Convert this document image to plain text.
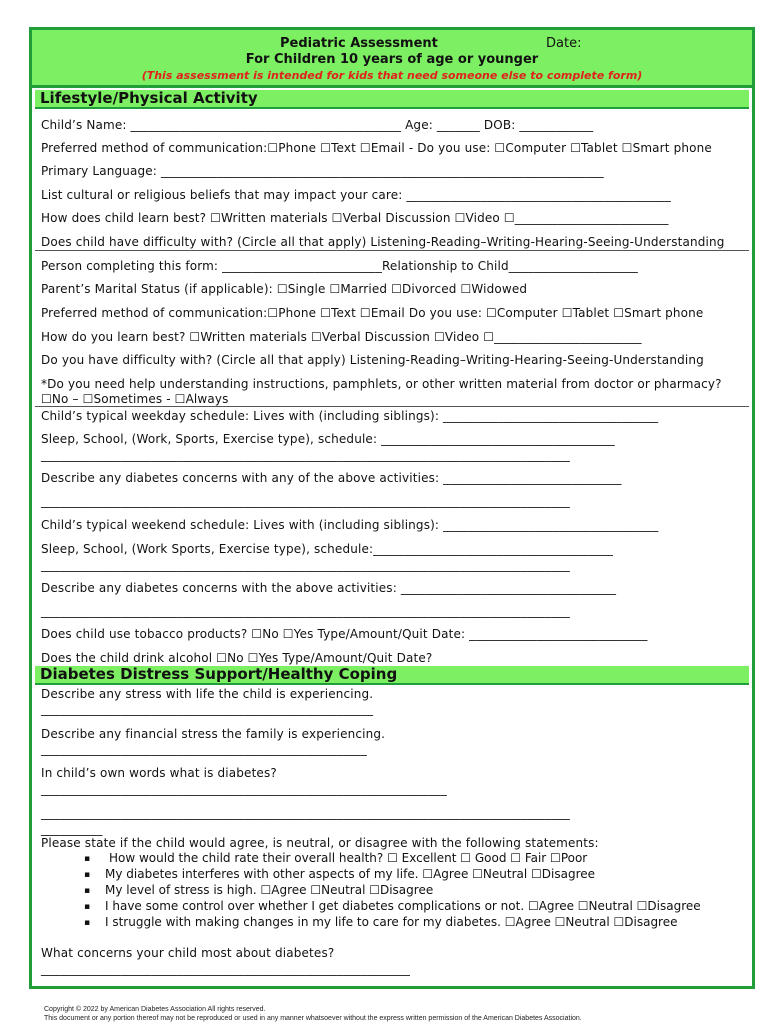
Pediatric Assessment	Date:
For Children 10 years of age or younger
(This assessment is intended for kids that need someone else to complete form)
Lifestyle/Physical Activity
Child’s Name: ____________________________________________ Age: _______ DOB: ____________
Preferred method of communication:☐Phone ☐Text ☐Email - Do you use: ☐Computer ☐Tablet ☐Smart phone
Primary Language: ________________________________________________________________________
List cultural or religious beliefs that may impact your care: ___________________________________________
How does child learn best? ☐Written materials ☐Verbal Discussion ☐Video ☐_________________________
Does child have difficulty with? (Circle all that apply) Listening-Reading–Writing-Hearing-Seeing-Understanding
Person completing this form: __________________________Relationship to Child_____________________
Parent’s Marital Status (if applicable): ☐Single ☐Married ☐Divorced ☐Widowed
Preferred method of communication:☐Phone ☐Text ☐Email Do you use: ☐Computer ☐Tablet ☐Smart phone
How do you learn best? ☐Written materials ☐Verbal Discussion ☐Video ☐________________________
Do you have difficulty with? (Circle all that apply) Listening-Reading–Writing-Hearing-Seeing-Understanding
*Do you need help understanding instructions, pamphlets, or other written material from doctor or pharmacy?
☐No – ☐Sometimes - ☐Always
Child’s typical weekday schedule: Lives with (including siblings): ___________________________________
Sleep, School, (Work, Sports, Exercise type), schedule: ______________________________________
______________________________________________________________________________________
Describe any diabetes concerns with any of the above activities: _____________________________
______________________________________________________________________________________
Child’s typical weekend schedule: Lives with (including siblings): ___________________________________
Sleep, School, (Work Sports, Exercise type), schedule:_______________________________________
______________________________________________________________________________________
Describe any diabetes concerns with the above activities: ___________________________________
______________________________________________________________________________________
Does child use tobacco products? ☐No ☐Yes Type/Amount/Quit Date: _____________________________
Does the child drink alcohol ☐No ☐Yes Type/Amount/Quit Date?
Diabetes Distress Support/Healthy Coping
Describe any stress with life the child is experiencing.
______________________________________________________
Describe any financial stress the family is experiencing.
_____________________________________________________
In child’s own words what is diabetes?
__________________________________________________________________
______________________________________________________________________________________
__________
Please state if the child would agree, is neutral, or disagree with the following statements:
▪ How would the child rate their overall health? ☐ Excellent ☐ Good ☐ Fair ☐Poor
▪ My diabetes interferes with other aspects of my life. ☐Agree ☐Neutral ☐Disagree
▪ My level of stress is high. ☐Agree ☐Neutral ☐Disagree
▪ I have some control over whether I get diabetes complications or not. ☐Agree ☐Neutral ☐Disagree
▪ I struggle with making changes in my life to care for my diabetes. ☐Agree ☐Neutral ☐Disagree
What concerns your child most about diabetes?
____________________________________________________________
Copyright © 2022 by American Diabetes Association All rights reserved.
This document or any portion thereof may not be reproduced or used in any manner whatsoever without the express written permission of the American Diabetes Association.
